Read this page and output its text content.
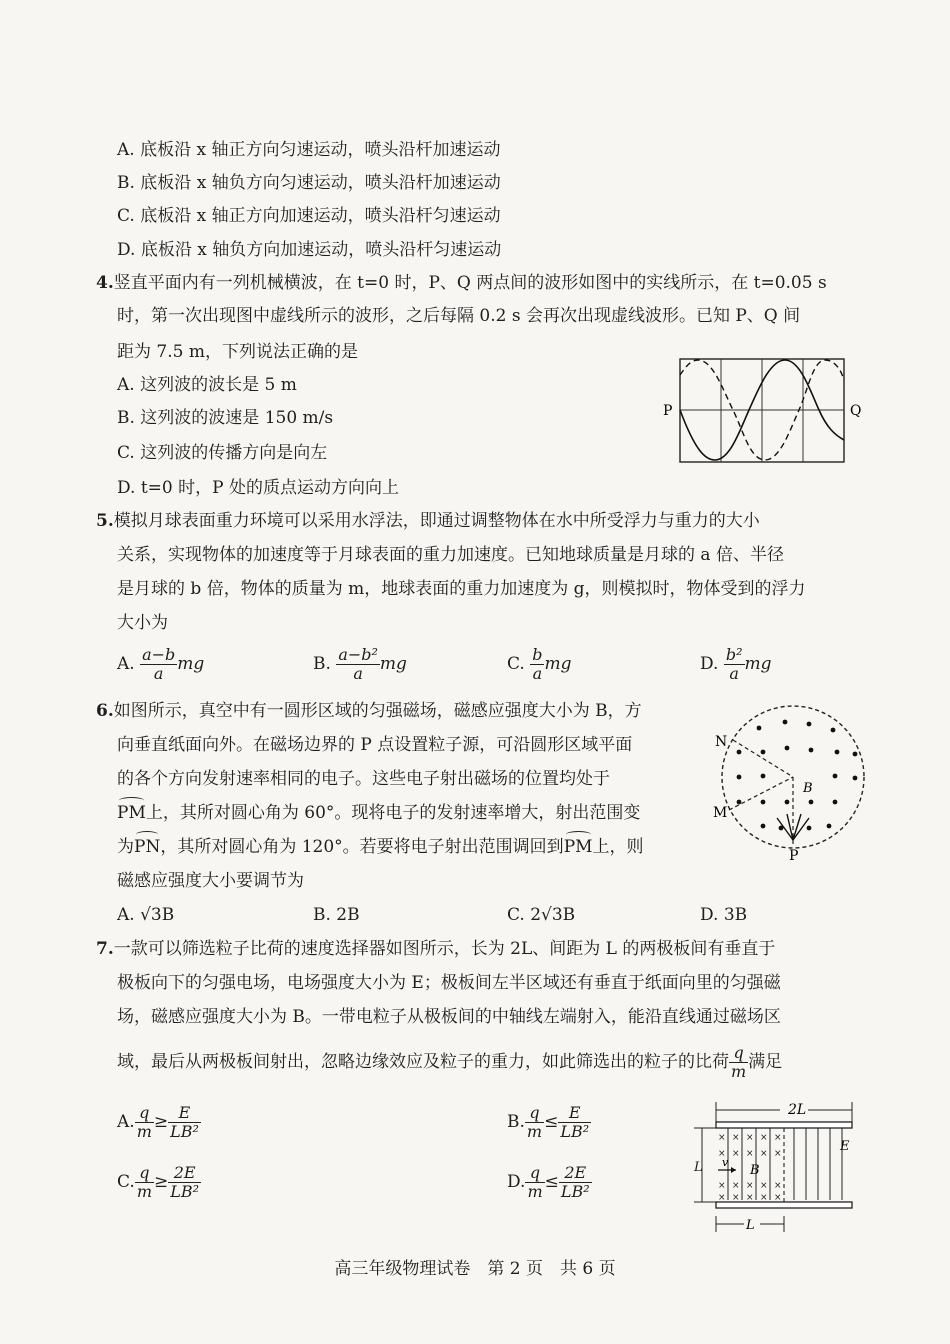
A. 底板沿 x 轴正方向匀速运动，喷头沿杆加速运动
B. 底板沿 x 轴负方向匀速运动，喷头沿杆加速运动
C. 底板沿 x 轴正方向加速运动，喷头沿杆匀速运动
D. 底板沿 x 轴负方向加速运动，喷头沿杆匀速运动
4.竖直平面内有一列机械横波，在 t=0 时，P、Q 两点间的波形如图中的实线所示，在 t=0.05 s
时，第一次出现图中虚线所示的波形，之后每隔 0.2 s 会再次出现虚线波形。已知 P、Q 间
距为 7.5 m，下列说法正确的是
A. 这列波的波长是 5 m
B. 这列波的波速是 150 m/s
C. 这列波的传播方向是向左
D. t=0 时，P 处的质点运动方向向上
P	Q
5.模拟月球表面重力环境可以采用水浮法，即通过调整物体在水中所受浮力与重力的大小
关系，实现物体的加速度等于月球表面的重力加速度。已知地球质量是月球的 a 倍、半径
是月球的 b 倍，物体的质量为 m，地球表面的重力加速度为 g，则模拟时，物体受到的浮力
大小为
A. $\frac{a-b}{a}$ mg	B. $\frac{\text{a−b²}}{a}$ mg	C. $\frac{b}{a}$ mg	D. $\frac{\text{b²}}{a}$ mg
6.如图所示，真空中有一圆形区域的匀强磁场，磁感应强度大小为 B，方
向垂直纸面向外。在磁场边界的 P 点设置粒子源，可沿圆形区域平面
的各个方向发射速率相同的电子。这些电子射出磁场的位置均处于
PM上，其所对圆心角为 60°。现将电子的发射速率增大，射出范围变
为PN，其所对圆心角为 120°。若要将电子射出范围调回到PM上，则
磁感应强度大小要调节为
A. √3B	B. 2B	C. 2√3B	D. 3B
N
M
P
B
7.一款可以筛选粒子比荷的速度选择器如图所示，长为 2L、间距为 L 的两极板间有垂直于
极板向下的匀强电场，电场强度大小为 E；极板间左半区域还有垂直于纸面向里的匀强磁
场，磁感应强度大小为 B。一带电粒子从极板间的中轴线左端射入，能沿直线通过磁场区
域，最后从两极板间射出，忽略边缘效应及粒子的重力，如此筛选出的粒子的比荷 $\frac{q}{m}$ 满足
A. $\frac{q}{m} \ge \frac{E}{\text{LB²}}$	B. $\frac{q}{m} \le \frac{E}{\text{LB²}}$
C. $\frac{q}{m} \ge \frac{2E}{\text{LB²}}$	D. $\frac{q}{m} \le \frac{2E}{\text{LB²}}$
2L
× × × × ×
× × × × ×
× × × × ×
× × × × ×
v
B
E
L
L
高三年级物理试卷　第 2 页　共 6 页
